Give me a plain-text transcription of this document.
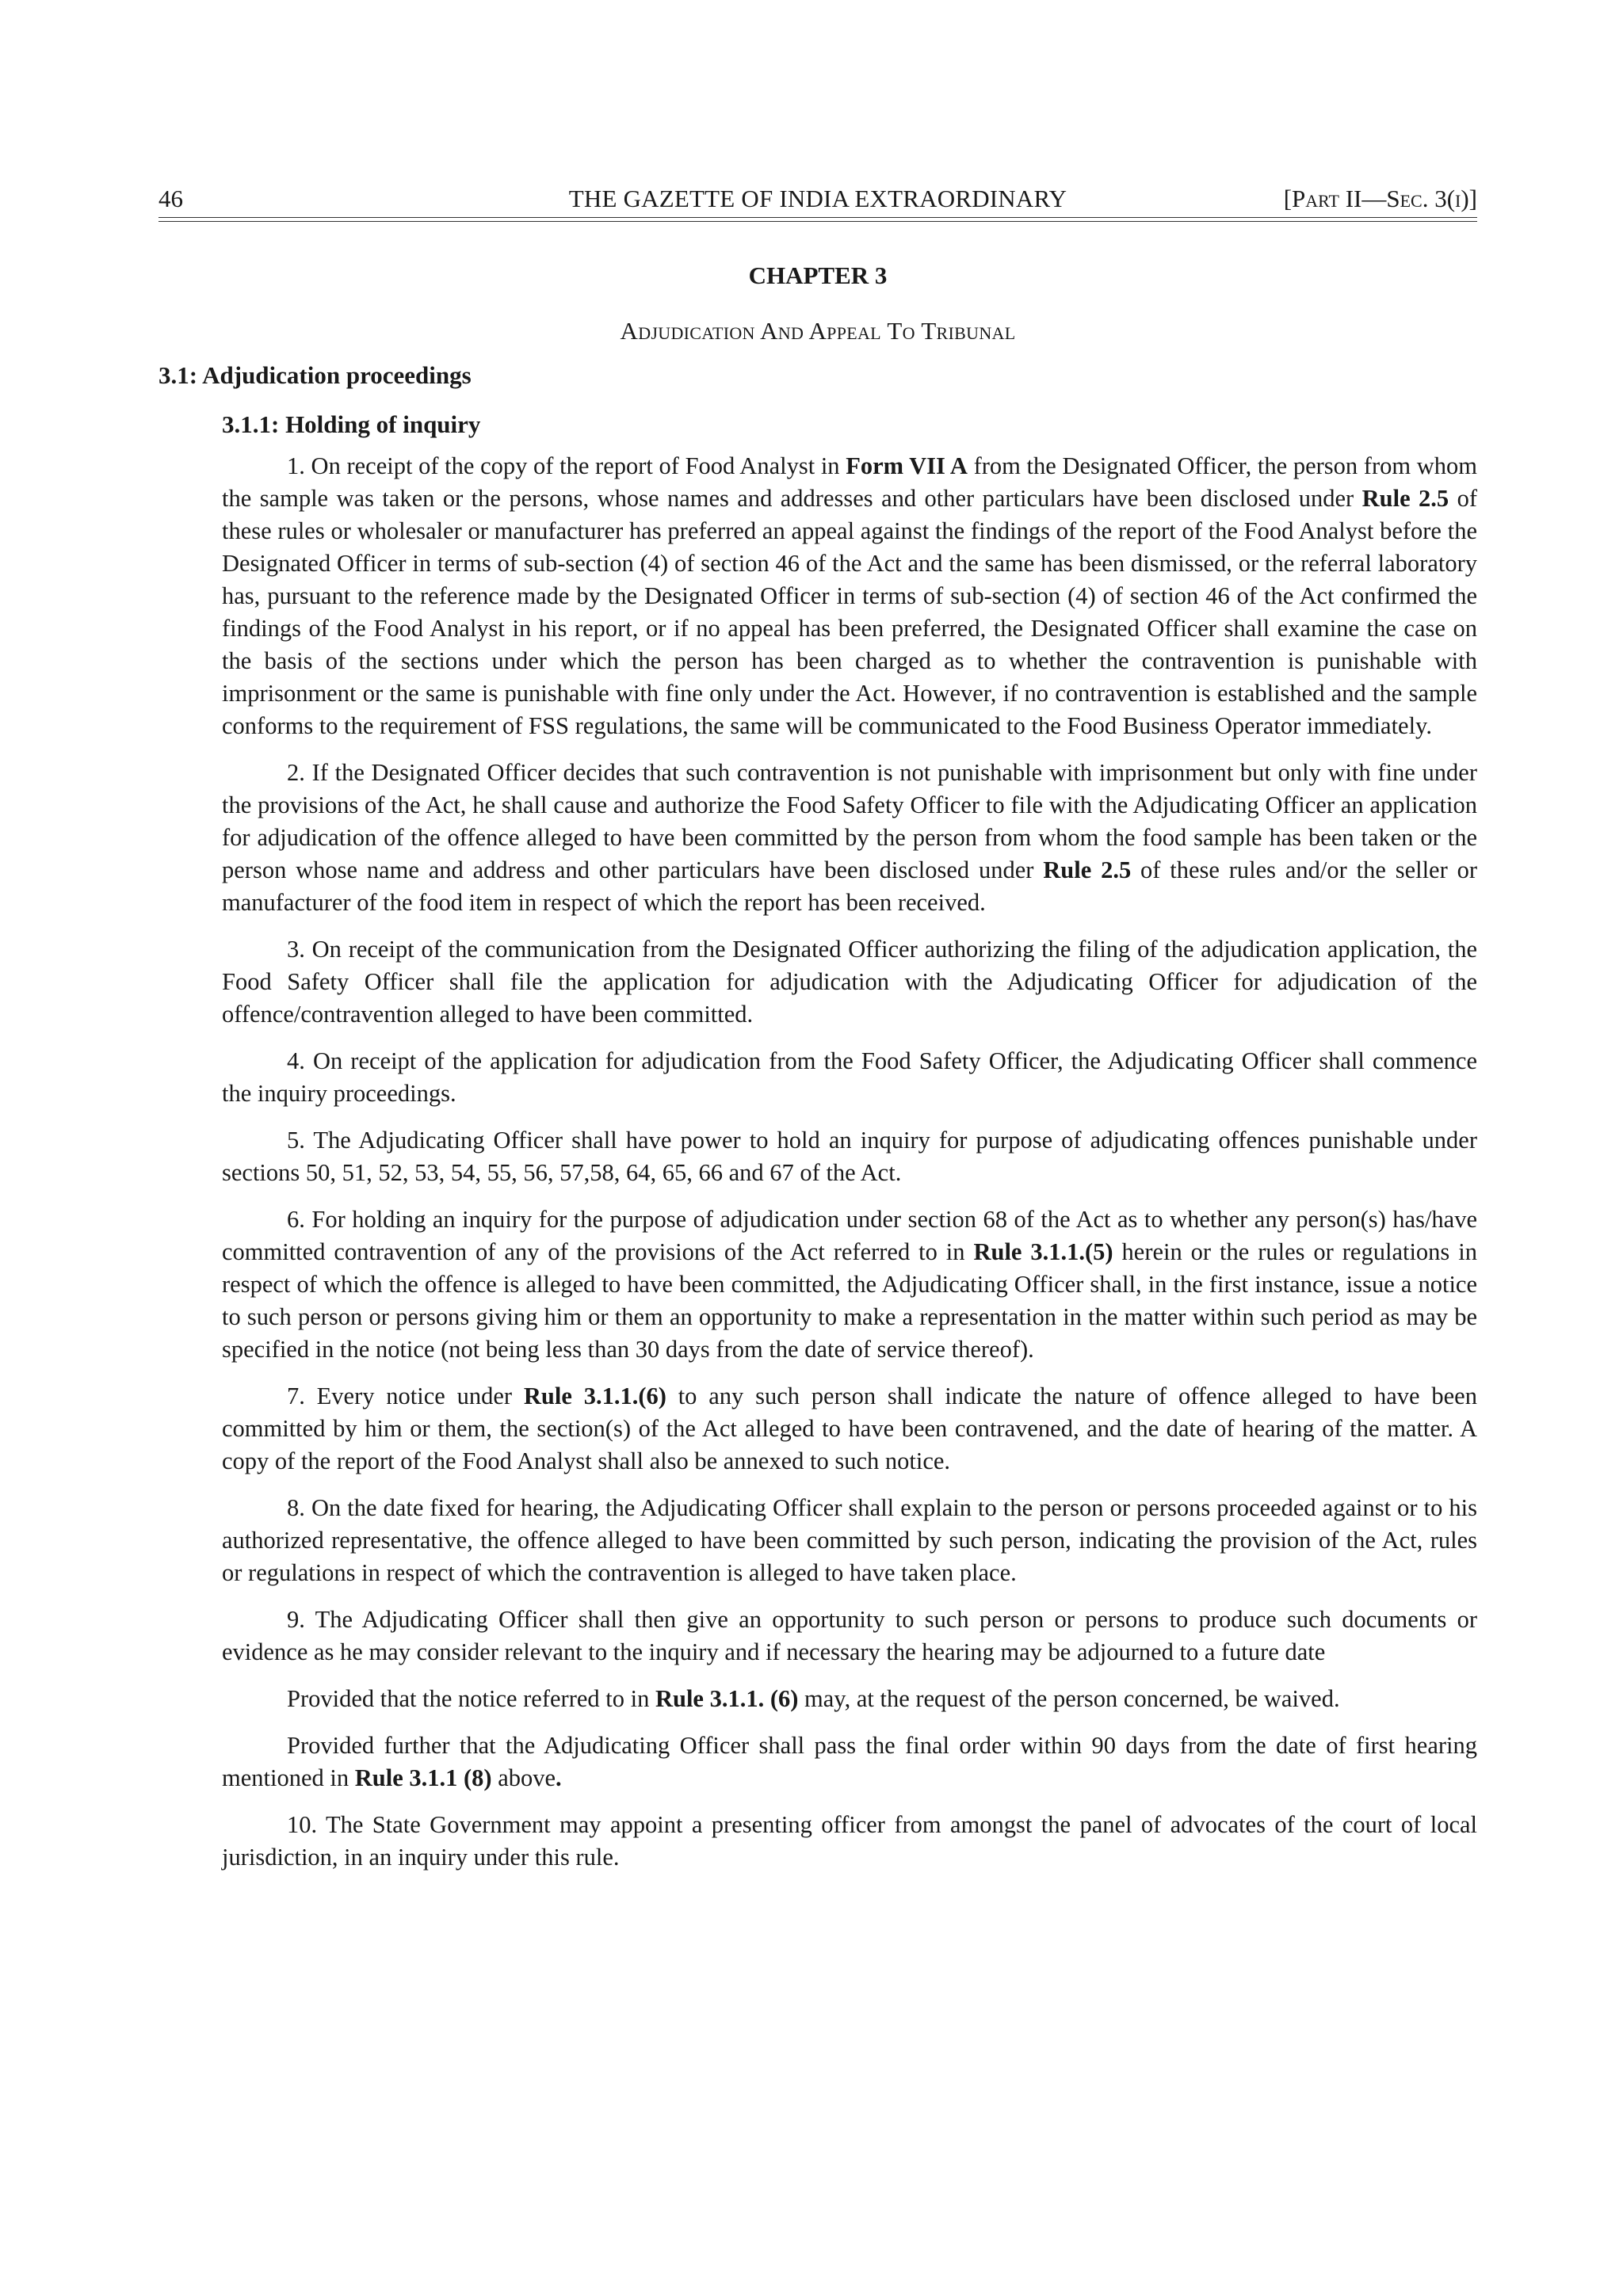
46	THE GAZETTE OF INDIA EXTRAORDINARY	[Part II—Sec. 3(i)]
CHAPTER 3
Adjudication And Appeal To Tribunal
3.1: Adjudication proceedings
3.1.1: Holding of inquiry

1. On receipt of the copy of the report of Food Analyst in Form VII A from the Designated Officer, the person from whom the sample was taken or the persons, whose names and addresses and other particulars have been disclosed under Rule 2.5 of these rules or wholesaler or manufacturer has preferred an appeal against the findings of the report of the Food Analyst before the Designated Officer in terms of sub-section (4) of section 46 of the Act and the same has been dismissed, or the referral laboratory has, pursuant to the reference made by the Designated Officer in terms of sub-section (4) of section 46 of the Act confirmed the findings of the Food Analyst in his report, or if no appeal has been preferred, the Designated Officer shall examine the case on the basis of the sections under which the person has been charged as to whether the contravention is punishable with imprisonment or the same is punishable with fine only under the Act. However, if no contravention is established and the sample conforms to the requirement of FSS regulations, the same will be communicated to the Food Business Operator immediately.

2. If the Designated Officer decides that such contravention is not punishable with imprisonment but only with fine under the provisions of the Act, he shall cause and authorize the Food Safety Officer to file with the Adjudicating Officer an application for adjudication of the offence alleged to have been committed by the person from whom the food sample has been taken or the person whose name and address and other particulars have been disclosed under Rule 2.5 of these rules and/or the seller or manufacturer of the food item in respect of which the report has been received.

3. On receipt of the communication from the Designated Officer authorizing the filing of the adjudication application, the Food Safety Officer shall file the application for adjudication with the Adjudicating Officer for adjudication of the offence/contravention alleged to have been committed.

4. On receipt of the application for adjudication from the Food Safety Officer, the Adjudicating Officer shall commence the inquiry proceedings.

5. The Adjudicating Officer shall have power to hold an inquiry for purpose of adjudicating offences punishable under sections 50, 51, 52, 53, 54, 55, 56, 57,58, 64, 65, 66 and 67 of the Act.

6. For holding an inquiry for the purpose of adjudication under section 68 of the Act as to whether any person(s) has/have committed contravention of any of the provisions of the Act referred to in Rule 3.1.1.(5) herein or the rules or regulations in respect of which the offence is alleged to have been committed, the Adjudicating Officer shall, in the first instance, issue a notice to such person or persons giving him or them an opportunity to make a representation in the matter within such period as may be specified in the notice (not being less than 30 days from the date of service thereof).

7. Every notice under Rule 3.1.1.(6) to any such person shall indicate the nature of offence alleged to have been committed by him or them, the section(s) of the Act alleged to have been contravened, and the date of hearing of the matter. A copy of the report of the Food Analyst shall also be annexed to such notice.

8. On the date fixed for hearing, the Adjudicating Officer shall explain to the person or persons proceeded against or to his authorized representative, the offence alleged to have been committed by such person, indicating the provision of the Act, rules or regulations in respect of which the contravention is alleged to have taken place.

9. The Adjudicating Officer shall then give an opportunity to such person or persons to produce such documents or evidence as he may consider relevant to the inquiry and if necessary the hearing may be adjourned to a future date

Provided that the notice referred to in Rule 3.1.1. (6) may, at the request of the person concerned, be waived.

Provided further that the Adjudicating Officer shall pass the final order within 90 days from the date of first hearing mentioned in Rule 3.1.1 (8) above.

10. The State Government may appoint a presenting officer from amongst the panel of advocates of the court of local jurisdiction, in an inquiry under this rule.
